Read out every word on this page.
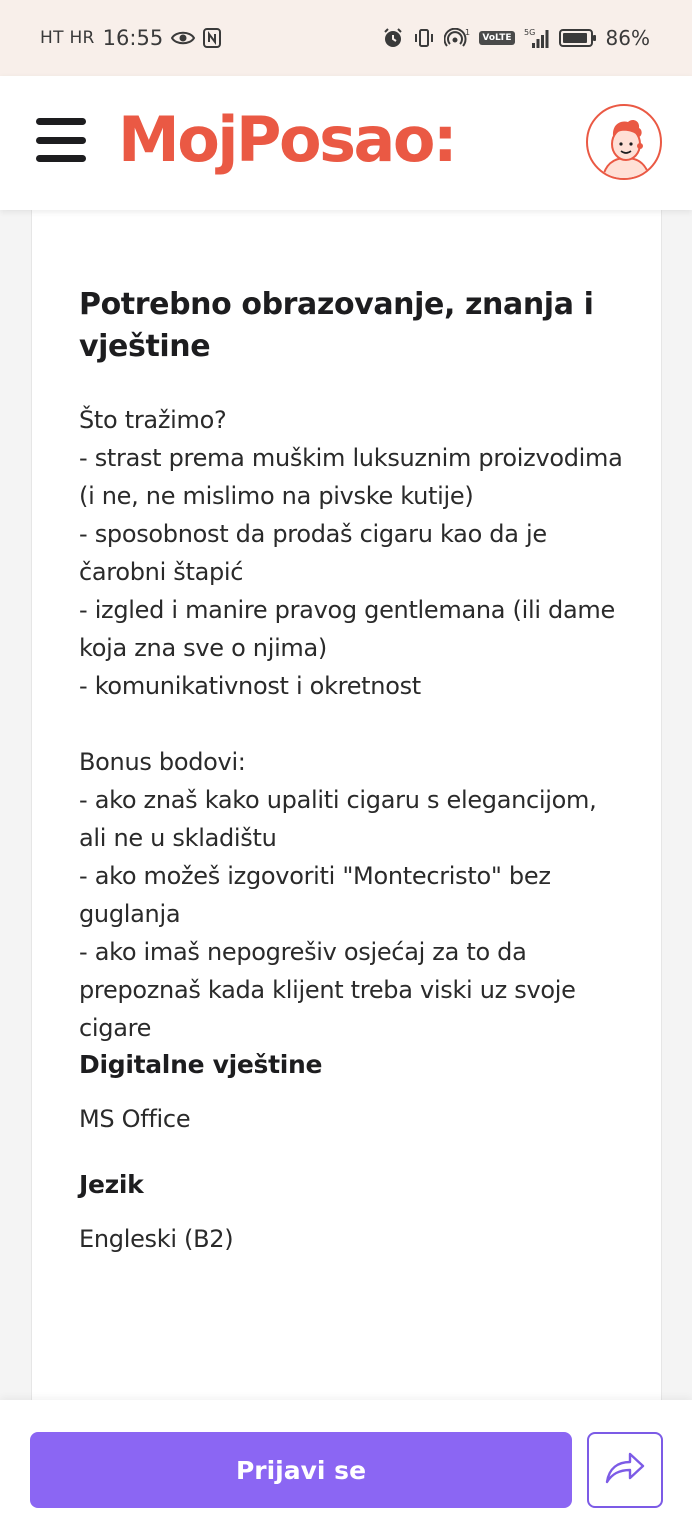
HT HR 16:55	1
VoLTE
5G	86%
MojPosao:
Potrebno obrazovanje, znanja i vještine
Što tražimo?
- strast prema muškim luksuznim proizvodima (i ne, ne mislimo na pivske kutije)
- sposobnost da prodaš cigaru kao da je čarobni štapić
- izgled i manire pravog gentlemana (ili dame koja zna sve o njima)
- komunikativnost i okretnost

Bonus bodovi:
- ako znaš kako upaliti cigaru s elegancijom, ali ne u skladištu
- ako možeš izgovoriti "Montecristo" bez guglanja
- ako imaš nepogrešiv osjećaj za to da prepoznaš kada klijent treba viski uz svoje cigare
Digitalne vještine
MS Office
Jezik
Engleski (B2)
Prijavi se
